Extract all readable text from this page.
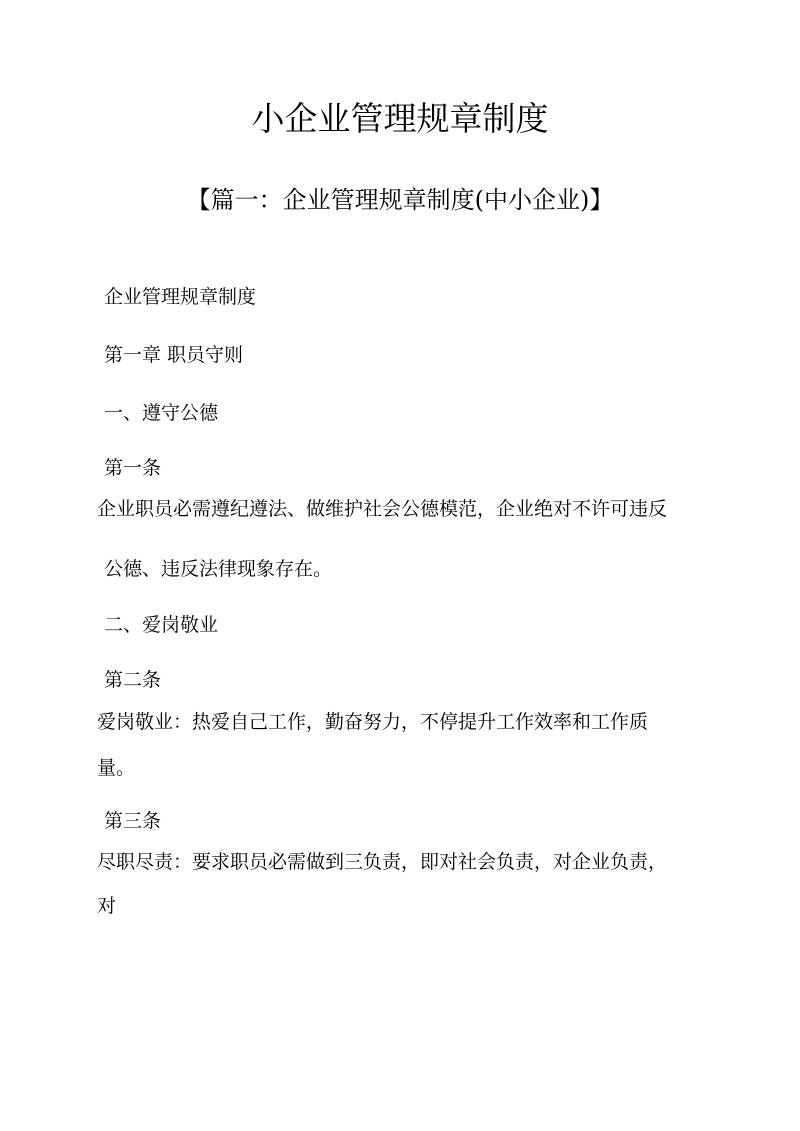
小企业管理规章制度
【篇一：企业管理规章制度(中小企业)】
企业管理规章制度
第一章 职员守则
一、遵守公德
第一条
企业职员必需遵纪遵法、做维护社会公德模范，企业绝对不许可违反
公德、违反法律现象存在。
二、爱岗敬业
第二条
爱岗敬业：热爱自己工作，勤奋努力，不停提升工作效率和工作质
量。
第三条
尽职尽责：要求职员必需做到三负责，即对社会负责，对企业负责，
对
